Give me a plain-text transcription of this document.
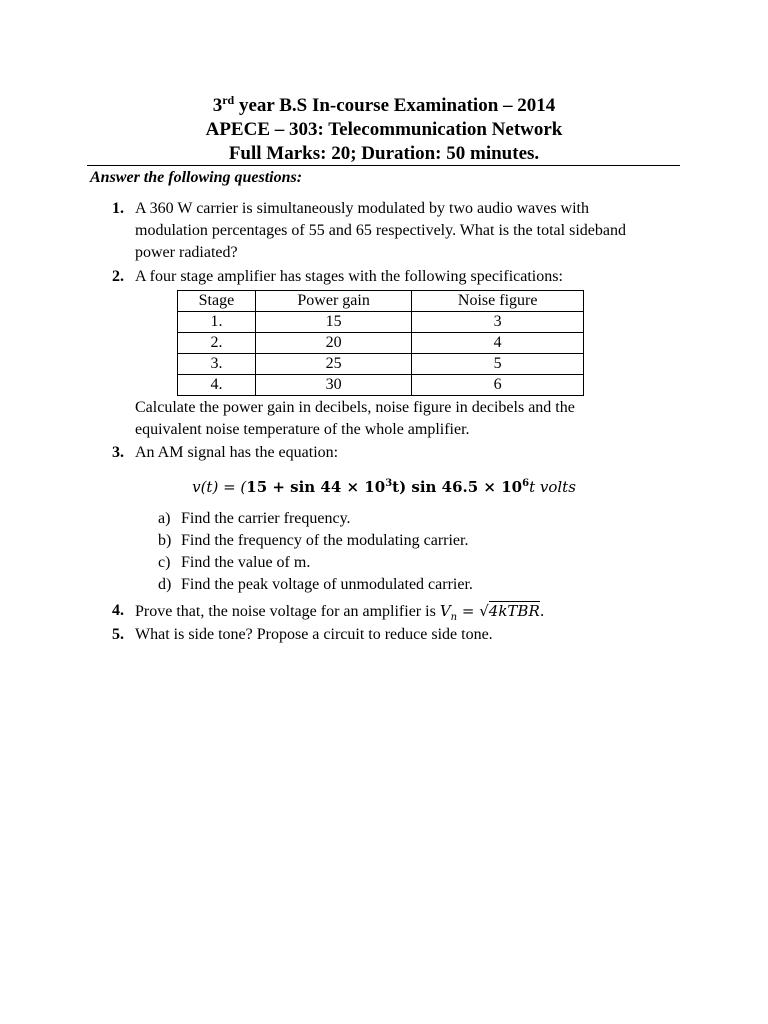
3rd year B.S In-course Examination – 2014
APECE – 303: Telecommunication Network
Full Marks: 20; Duration: 50 minutes.
Answer the following questions:
1. A 360 W carrier is simultaneously modulated by two audio waves with
modulation percentages of 55 and 65 respectively. What is the total sideband
power radiated?
2. A four stage amplifier has stages with the following specifications:
Stage	Power gain	Noise figure
1.	15	3
2.	20	4
3.	25	5
4.	30	6
Calculate the power gain in decibels, noise figure in decibels and the
equivalent noise temperature of the whole amplifier.
3. An AM signal has the equation:
$v(t) = (15 + \sin 44 \times 10^3t)$ $\sin 46.5 \times 10^6t$ volts
a) Find the carrier frequency.
b) Find the frequency of the modulating carrier.
c) Find the value of m.
d) Find the peak voltage of unmodulated carrier.
4. Prove that, the noise voltage for an amplifier is $V_n$ = √4kTBR.
5. What is side tone? Propose a circuit to reduce side tone.
